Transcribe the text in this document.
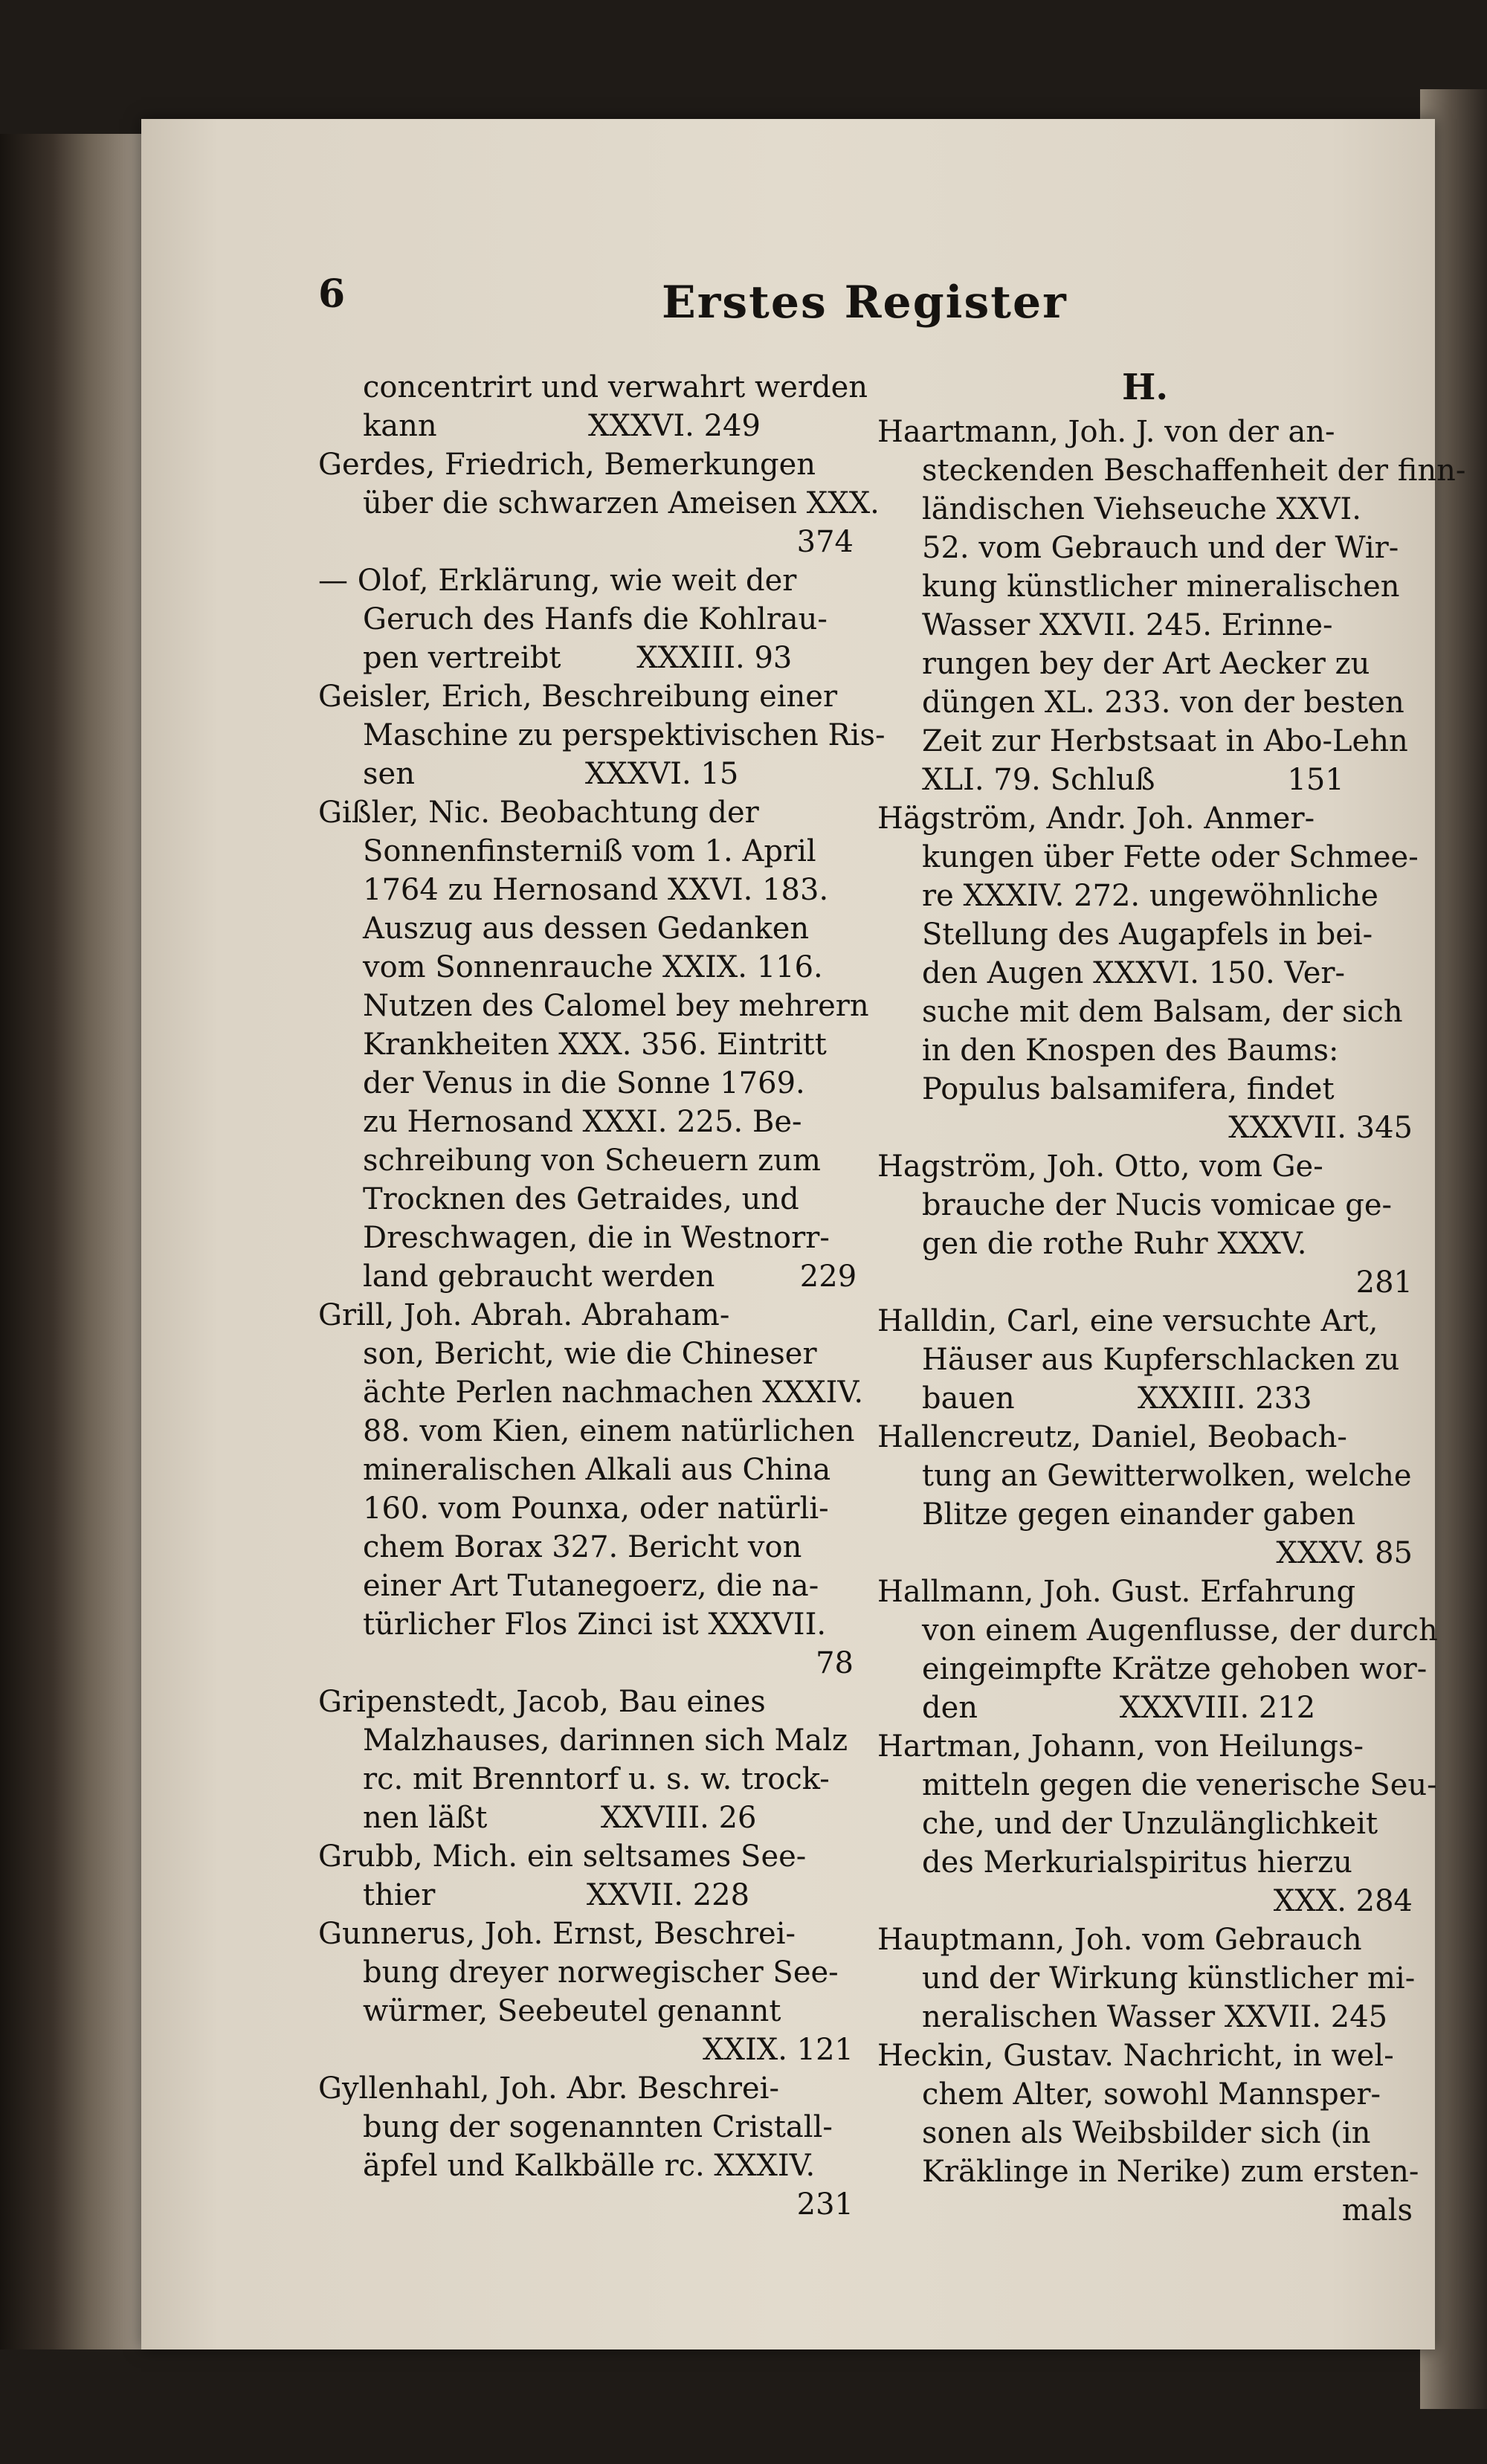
6	Erstes Register
concentrirt und verwahrt werden
kann                XXXVI. 249
Gerdes, Friedrich, Bemerkungen
über die schwarzen Ameisen XXX.
374
— Olof, Erklärung, wie weit der
Geruch des Hanfs die Kohlrau-
pen vertreibt        XXXIII. 93
Geisler, Erich, Beschreibung einer
Maschine zu perspektivischen Ris-
sen                  XXXVI. 15
Gißler, Nic. Beobachtung der
Sonnenfinsterniß vom 1. April
1764 zu Hernosand XXVI. 183.
Auszug aus dessen Gedanken
vom Sonnenrauche XXIX. 116.
Nutzen des Calomel bey mehrern
Krankheiten XXX. 356. Eintritt
der Venus in die Sonne 1769.
zu Hernosand XXXI. 225. Be-
schreibung von Scheuern zum
Trocknen des Getraides, und
Dreschwagen, die in Westnorr-
land gebraucht werden         229
Grill, Joh. Abrah. Abraham-
son, Bericht, wie die Chineser
ächte Perlen nachmachen XXXIV.
88. vom Kien, einem natürlichen
mineralischen Alkali aus China
160. vom Pounxa, oder natürli-
chem Borax 327. Bericht von
einer Art Tutanegoerz, die na-
türlicher Flos Zinci ist XXXVII.
78
Gripenstedt, Jacob, Bau eines
Malzhauses, darinnen sich Malz
rc. mit Brenntorf u. s. w. trock-
nen läßt            XXVIII. 26
Grubb, Mich. ein seltsames See-
thier                XXVII. 228
Gunnerus, Joh. Ernst, Beschrei-
bung dreyer norwegischer See-
würmer, Seebeutel genannt
XXIX. 121
Gyllenhahl, Joh. Abr. Beschrei-
bung der sogenannten Cristall-
äpfel und Kalkbälle rc. XXXIV.
231
H.
Haartmann, Joh. J. von der an-
steckenden Beschaffenheit der finn-
ländischen Viehseuche XXVI.
52. vom Gebrauch und der Wir-
kung künstlicher mineralischen
Wasser XXVII. 245. Erinne-
rungen bey der Art Aecker zu
düngen XL. 233. von der besten
Zeit zur Herbstsaat in Abo-Lehn
XLI. 79. Schluß              151
Hägström, Andr. Joh. Anmer-
kungen über Fette oder Schmee-
re XXXIV. 272. ungewöhnliche
Stellung des Augapfels in bei-
den Augen XXXVI. 150. Ver-
suche mit dem Balsam, der sich
in den Knospen des Baums:
Populus balsamifera, findet
XXXVII. 345
Hagström, Joh. Otto, vom Ge-
brauche der Nucis vomicae ge-
gen die rothe Ruhr XXXV.
281
Halldin, Carl, eine versuchte Art,
Häuser aus Kupferschlacken zu
bauen             XXXIII. 233
Hallencreutz, Daniel, Beobach-
tung an Gewitterwolken, welche
Blitze gegen einander gaben
XXXV. 85
Hallmann, Joh. Gust. Erfahrung
von einem Augenflusse, der durch
eingeimpfte Krätze gehoben wor-
den               XXXVIII. 212
Hartman, Johann, von Heilungs-
mitteln gegen die venerische Seu-
che, und der Unzulänglichkeit
des Merkurialspiritus hierzu
XXX. 284
Hauptmann, Joh. vom Gebrauch
und der Wirkung künstlicher mi-
neralischen Wasser XXVII. 245
Heckin, Gustav. Nachricht, in wel-
chem Alter, sowohl Mannsper-
sonen als Weibsbilder sich (in
Kräklinge in Nerike) zum ersten-
mals
